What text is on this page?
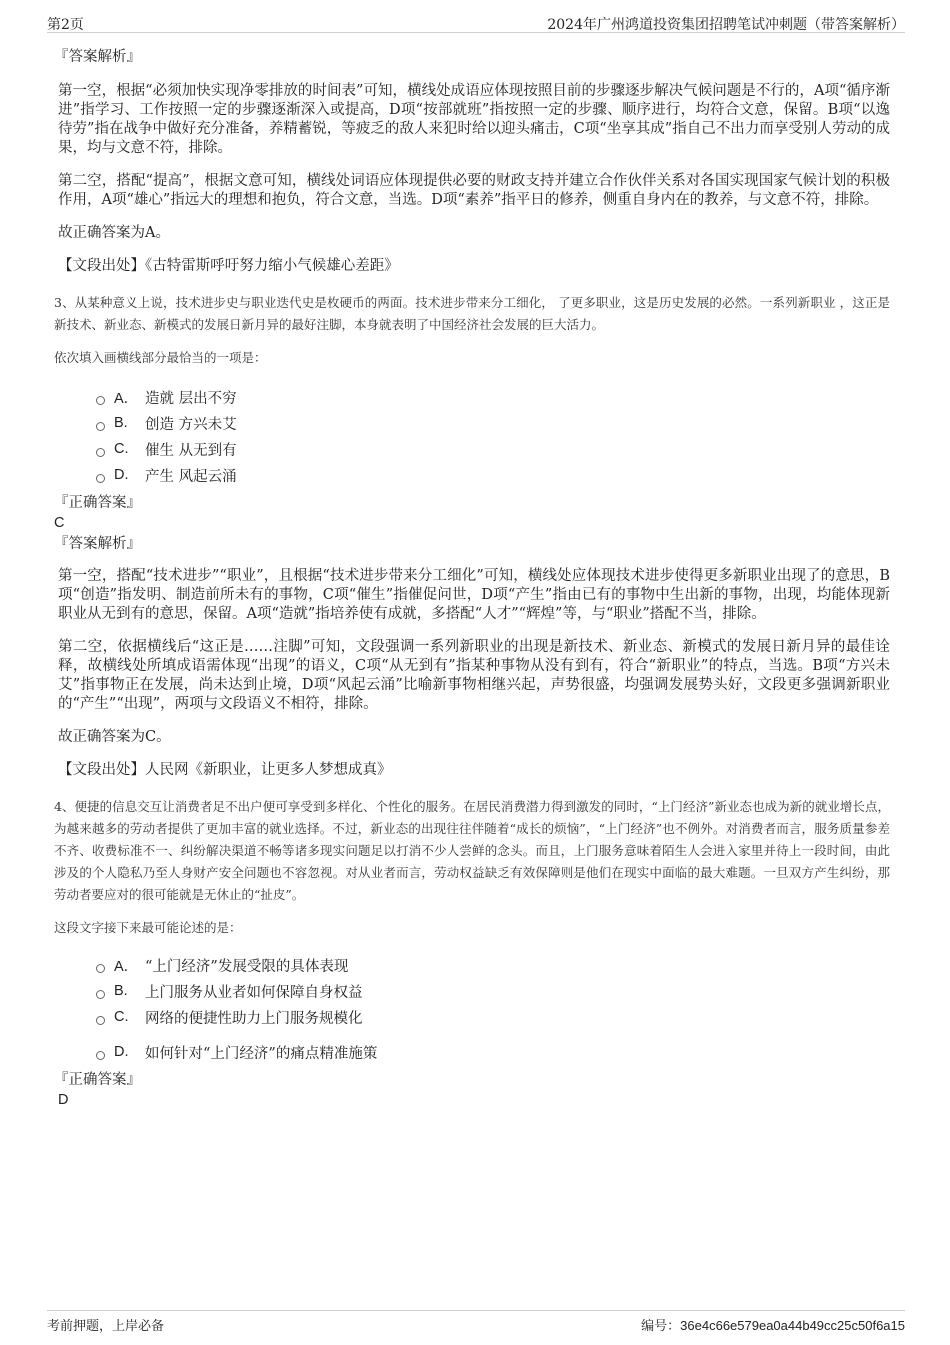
第2页	2024年广州鸿道投资集团招聘笔试冲刺题（带答案解析）

『答案解析』

第一空，根据“必须加快实现净零排放的时间表”可知，横线处成语应体现按照目前的步骤逐步解决气候问题是不行的，A项“循序渐进”指学习、工作按照一定的步骤逐渐深入或提高，D项“按部就班”指按照一定的步骤、顺序进行，均符合文意，保留。B项“以逸待劳”指在战争中做好充分准备，养精蓄锐，等疲乏的敌人来犯时给以迎头痛击，C项“坐享其成”指自己不出力而享受别人劳动的成果，均与文意不符，排除。

第二空，搭配“提高”，根据文意可知，横线处词语应体现提供必要的财政支持并建立合作伙伴关系对各国实现国家气候计划的积极作用，A项“雄心”指远大的理想和抱负，符合文意，当选。D项“素养”指平日的修养，侧重自身内在的教养，与文意不符，排除。

故正确答案为A。

【文段出处】《古特雷斯呼吁努力缩小气候雄心差距》

3、从某种意义上说，技术进步史与职业迭代史是枚硬币的两面。技术进步带来分工细化， 了更多职业，这是历史发展的必然。一系列新职业 ，这正是新技术、新业态、新模式的发展日新月异的最好注脚，本身就表明了中国经济社会发展的巨大活力。

依次填入画横线部分最恰当的一项是：

A． 造就 层出不穷
B.	创造 方兴未艾
C.	催生 从无到有
D.	产生 风起云涌

『正确答案』

C

『答案解析』

第一空，搭配“技术进步”“职业”，且根据“技术进步带来分工细化”可知，横线处应体现技术进步使得更多新职业出现了的意思，B项“创造”指发明、制造前所未有的事物，C项“催生”指催促问世，D项“产生”指由已有的事物中生出新的事物，出现，均能体现新职业从无到有的意思，保留。A项“造就”指培养使有成就，多搭配“人才”“辉煌”等，与“职业”搭配不当，排除。

第二空，依据横线后“这正是……注脚”可知，文段强调一系列新职业的出现是新技术、新业态、新模式的发展日新月异的最佳诠释，故横线处所填成语需体现“出现”的语义，C项“从无到有”指某种事物从没有到有，符合“新职业”的特点，当选。B项“方兴未艾”指事物正在发展，尚未达到止境，D项“风起云涌”比喻新事物相继兴起，声势很盛，均强调发展势头好，文段更多强调新职业的“产生”“出现”，两项与文段语义不相符，排除。

故正确答案为C。

【文段出处】人民网《新职业，让更多人梦想成真》

4、便捷的信息交互让消费者足不出户便可享受到多样化、个性化的服务。在居民消费潜力得到激发的同时，“上门经济”新业态也成为新的就业增长点，为越来越多的劳动者提供了更加丰富的就业选择。不过，新业态的出现往往伴随着“成长的烦恼”，“上门经济”也不例外。对消费者而言，服务质量参差不齐、收费标准不一、纠纷解决渠道不畅等诸多现实问题足以打消不少人尝鲜的念头。而且，上门服务意味着陌生人会进入家里并待上一段时间，由此涉及的个人隐私乃至人身财产安全问题也不容忽视。对从业者而言，劳动权益缺乏有效保障则是他们在现实中面临的最大难题。一旦双方产生纠纷，那劳动者要应对的很可能就是无休止的“扯皮”。

这段文字接下来最可能论述的是：

A． “上门经济”发展受限的具体表现
B.	上门服务从业者如何保障自身权益
C.	网络的便捷性助力上门服务规模化
D.	如何针对“上门经济”的痛点精准施策

『正确答案』

D

考前押题，上岸必备	编号：36e4c66e579ea0a44b49cc25c50f6a15
